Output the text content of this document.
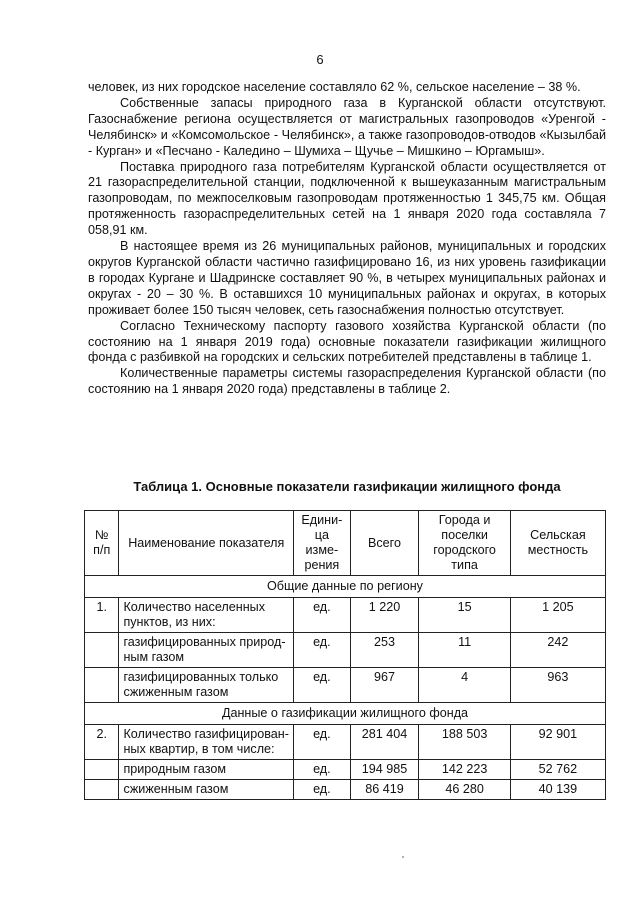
6

человек, из них городское население составляло 62 %, сельское население – 38 %.

Собственные запасы природного газа в Курганской области отсутствуют. Газоснабжение региона осуществляется от магистральных газопроводов «Уренгой - Челябинск» и «Комсомольское - Челябинск», а также газопроводов-отводов «Кызылбай - Курган» и «Песчано - Каледино – Шумиха – Щучье – Мишкино – Юргамыш».

Поставка природного газа потребителям Курганской области осуществляется от 21 газораспределительной станции, подключенной к вышеуказанным магистральным газопроводам, по межпоселковым газопроводам протяженностью 1 345,75 км. Общая протяженность газораспределительных сетей на 1 января 2020 года составляла 7 058,91 км.

В настоящее время из 26 муниципальных районов, муниципальных и городских округов Курганской области частично газифицировано 16, из них уровень газификации в городах Кургане и Шадринске составляет 90 %, в четырех муниципальных районах и округах - 20 – 30 %. В оставшихся 10 муниципальных районах и округах, в которых проживает более 150 тысяч человек, сеть газоснабжения полностью отсутствует.

Согласно Техническому паспорту газового хозяйства Курганской области (по состоянию на 1 января 2019 года) основные показатели газификации жилищного фонда с разбивкой на городских и сельских потребителей представлены в таблице 1.

Количественные параметры системы газораспределения Курганской области (по состоянию на 1 января 2020 года) представлены в таблице 2.

Таблица 1. Основные показатели газификации жилищного фонда
№ п/п	Наименование показателя	Едини-ца изме-рения	Всего	Города и поселки городского типа	Сельская местность
Общие данные по региону					
1.	Количество населенных пунктов, из них:	ед.	1 220	15	1 205
	газифицированных природ-ным газом	ед.	253	11	242
	газифицированных только сжиженным газом	ед.	967	4	963
Данные о газификации жилищного фонда					
2.	Количество газифицирован-ных квартир, в том числе:	ед.	281 404	188 503	92 901
	природным газом	ед.	194 985	142 223	52 762
	сжиженным газом	ед.	86 419	46 280	40 139
